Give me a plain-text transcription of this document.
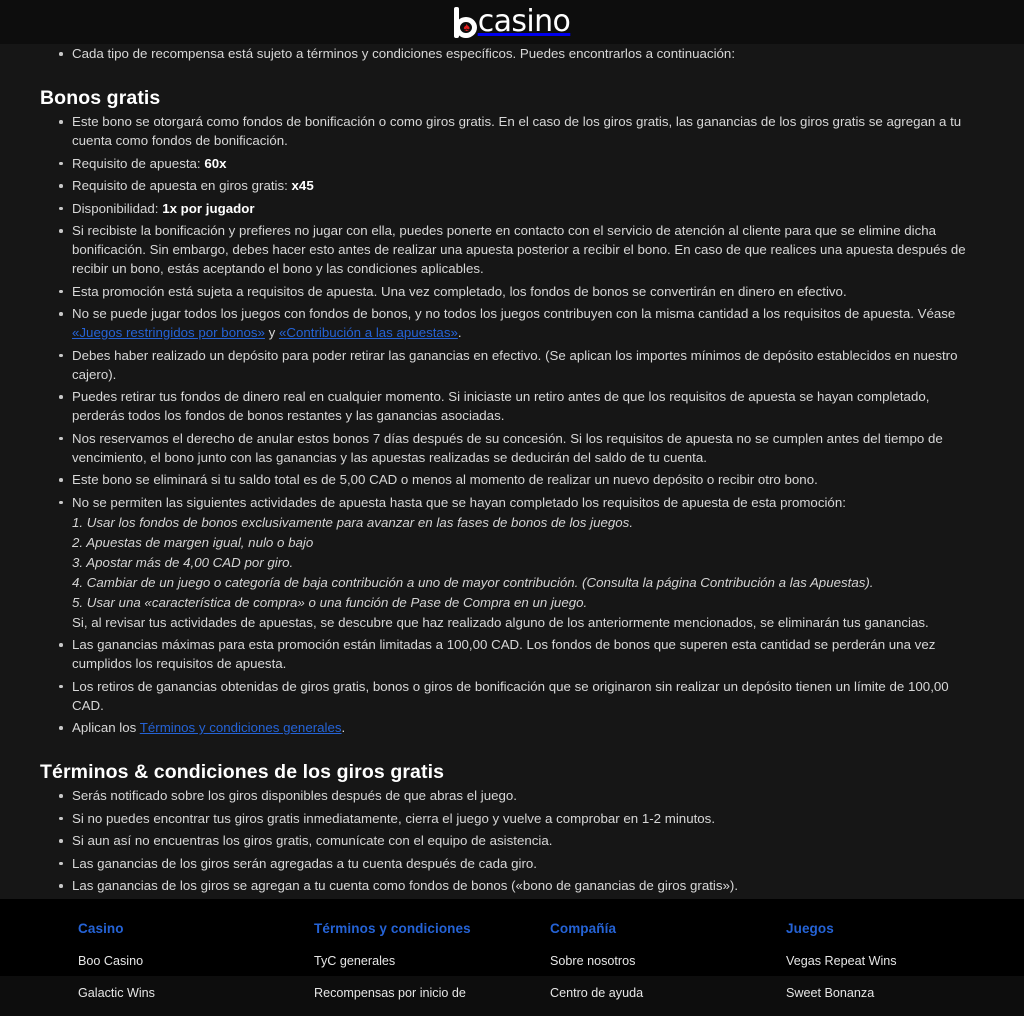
♠ casino
Cada tipo de recompensa está sujeto a términos y condiciones específicos. Puedes encontrarlos a continuación:
Bonos gratis
Este bono se otorgará como fondos de bonificación o como giros gratis. En el caso de los giros gratis, las ganancias de los giros gratis se agregan a tu cuenta como fondos de bonificación.
Requisito de apuesta: 60x
Requisito de apuesta en giros gratis: x45
Disponibilidad: 1x por jugador
Si recibiste la bonificación y prefieres no jugar con ella, puedes ponerte en contacto con el servicio de atención al cliente para que se elimine dicha bonificación. Sin embargo, debes hacer esto antes de realizar una apuesta posterior a recibir el bono. En caso de que realices una apuesta después de recibir un bono, estás aceptando el bono y las condiciones aplicables.
Esta promoción está sujeta a requisitos de apuesta. Una vez completado, los fondos de bonos se convertirán en dinero en efectivo.
No se puede jugar todos los juegos con fondos de bonos, y no todos los juegos contribuyen con la misma cantidad a los requisitos de apuesta. Véase «Juegos restringidos por bonos» y «Contribución a las apuestas».
Debes haber realizado un depósito para poder retirar las ganancias en efectivo. (Se aplican los importes mínimos de depósito establecidos en nuestro cajero).
Puedes retirar tus fondos de dinero real en cualquier momento. Si iniciaste un retiro antes de que los requisitos de apuesta se hayan completado, perderás todos los fondos de bonos restantes y las ganancias asociadas.
Nos reservamos el derecho de anular estos bonos 7 días después de su concesión. Si los requisitos de apuesta no se cumplen antes del tiempo de vencimiento, el bono junto con las ganancias y las apuestas realizadas se deducirán del saldo de tu cuenta.
Este bono se eliminará si tu saldo total es de 5,00 CAD o menos al momento de realizar un nuevo depósito o recibir otro bono.
No se permiten las siguientes actividades de apuesta hasta que se hayan completado los requisitos de apuesta de esta promoción:
1. Usar los fondos de bonos exclusivamente para avanzar en las fases de bonos de los juegos.
2. Apuestas de margen igual, nulo o bajo
3. Apostar más de 4,00 CAD por giro.
4. Cambiar de un juego o categoría de baja contribución a uno de mayor contribución. (Consulta la página Contribución a las Apuestas).
5. Usar una «característica de compra» o una función de Pase de Compra en un juego.
Si, al revisar tus actividades de apuestas, se descubre que haz realizado alguno de los anteriormente mencionados, se eliminarán tus ganancias.
Las ganancias máximas para esta promoción están limitadas a 100,00 CAD. Los fondos de bonos que superen esta cantidad se perderán una vez cumplidos los requisitos de apuesta.
Los retiros de ganancias obtenidas de giros gratis, bonos o giros de bonificación que se originaron sin realizar un depósito tienen un límite de 100,00 CAD.
Aplican los Términos y condiciones generales.
Términos & condiciones de los giros gratis
Serás notificado sobre los giros disponibles después de que abras el juego.
Si no puedes encontrar tus giros gratis inmediatamente, cierra el juego y vuelve a comprobar en 1-2 minutos.
Si aun así no encuentras los giros gratis, comunícate con el equipo de asistencia.
Las ganancias de los giros serán agregadas a tu cuenta después de cada giro.
Las ganancias de los giros se agregan a tu cuenta como fondos de bonos («bono de ganancias de giros gratis»).
Casino
Boo Casino
Galactic Wins
Términos y condiciones
TyC generales
Recompensas por inicio de
Compañía
Sobre nosotros
Centro de ayuda
Juegos
Vegas Repeat Wins
Sweet Bonanza
